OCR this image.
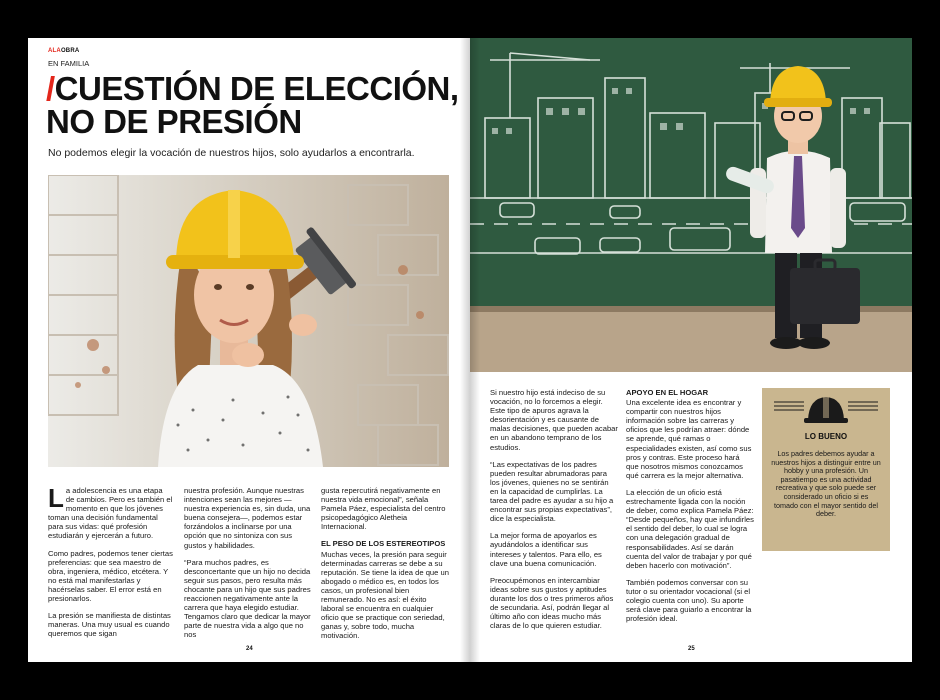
ALAOBRA
EN FAMILIA
/CUESTIÓN DE ELECCIÓN,
NO DE PRESIÓN
No podemos elegir la vocación de nuestros hijos, solo ayudarlos a encontrarla.

La adolescencia es una etapa de cambios. Pero es también el momento en que los jóvenes toman una decisión fundamental para sus vidas: qué profesión estudiarán y ejercerán a futuro.

Como padres, podemos tener ciertas preferencias: que sea maestro de obra, ingeniera, médico, etcétera. Y no está mal manifestarlas y hacérselas saber. El error está en presionarlos.

La presión se manifiesta de distintas maneras. Una muy usual es cuando queremos que sigan

nuestra profesión. Aunque nuestras intenciones sean las mejores —nuestra experiencia es, sin duda, una buena consejera—, podemos estar forzándolos a inclinarse por una opción que no sintoniza con sus gustos y habilidades.

“Para muchos padres, es desconcertante que un hijo no decida seguir sus pasos, pero resulta más chocante para un hijo que sus padres reaccionen negativamente ante la carrera que haya elegido estudiar. Tengamos claro que dedicar la mayor parte de nuestra vida a algo que no nos

gusta repercutirá negativamente en nuestra vida emocional”, señala Pamela Páez, especialista del centro psicopedagógico Aletheia Internacional.

EL PESO DE LOS ESTEREOTIPOS

Muchas veces, la presión para seguir determinadas carreras se debe a su reputación. Se tiene la idea de que un abogado o médico es, en todos los casos, un profesional bien remunerado. No es así: el éxito laboral se encuentra en cualquier oficio que se practique con seriedad, ganas y, sobre todo, mucha motivación.

24

Si nuestro hijo está indeciso de su vocación, no lo forcemos a elegir. Este tipo de apuros agrava la desorientación y es causante de malas decisiones, que pueden acabar en un abandono temprano de los estudios.

“Las expectativas de los padres pueden resultar abrumadoras para los jóvenes, quienes no se sentirán en la capacidad de cumplirlas. La tarea del padre es ayudar a su hijo a encontrar sus propias expectativas”, dice la especialista.

La mejor forma de apoyarlos es ayudándolos a identificar sus intereses y talentos. Para ello, es clave una buena comunicación.

Preocupémonos en intercambiar ideas sobre sus gustos y aptitudes durante los dos o tres primeros años de secundaria. Así, podrán llegar al último año con ideas mucho más claras de lo que quieren estudiar.

APOYO EN EL HOGAR

Una excelente idea es encontrar y compartir con nuestros hijos información sobre las carreras y oficios que les podrían atraer: dónde se aprende, qué ramas o especialidades existen, así como sus pros y contras. Este proceso hará que nosotros mismos conozcamos qué carrera es la mejor alternativa.

La elección de un oficio está estrechamente ligada con la noción de deber, como explica Pamela Páez: “Desde pequeños, hay que infundirles el sentido del deber, lo cual se logra con una delegación gradual de responsabilidades. Así se darán cuenta del valor de trabajar y por qué deben hacerlo con motivación”.

También podemos conversar con su tutor o su orientador vocacional (si el colegio cuenta con uno). Su aporte será clave para guiarlo a encontrar la profesión ideal.

LO BUENO
Los padres debemos ayudar a nuestros hijos a distinguir entre un hobby y una profesión. Un pasatiempo es una actividad recreativa y que solo puede ser considerado un oficio si es tomado con el mayor sentido del deber.
25
